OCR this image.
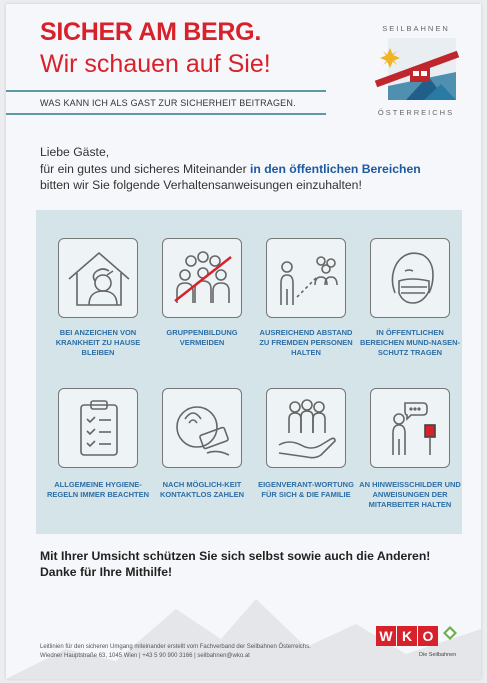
SICHER AM BERG.
Wir schauen auf Sie!
WAS KANN ICH ALS GAST ZUR SICHERHEIT BEITRAGEN.
SEILBAHNEN
ÖSTERREICHS
Liebe Gäste,
für ein gutes und sicheres Miteinander in den öffentlichen Bereichen
bitten wir Sie folgende Verhaltensanweisungen einzuhalten!
BEI ANZEICHEN VON KRANKHEIT ZU HAUSE BLEIBEN
GRUPPENBILDUNG VERMEIDEN
AUSREICHEND ABSTAND ZU FREMDEN PERSONEN HALTEN
IN ÖFFENTLICHEN BEREICHEN MUND-NASEN-SCHUTZ TRAGEN
ALLGEMEINE HYGIENE-REGELN IMMER BEACHTEN
NACH MÖGLICH-KEIT KONTAKTLOS ZAHLEN
EIGENVERANT-WORTUNG FÜR SICH & DIE FAMILIE
AN HINWEISSCHILDER UND ANWEISUNGEN DER MITARBEITER HALTEN
Mit Ihrer Umsicht schützen Sie sich selbst sowie auch die Anderen!
Danke für Ihre Mithilfe!
Leitlinien für den sicheren Umgang miteinander erstellt vom Fachverband der Seilbahnen Österreichs.
Wiedner Hauptstraße 63, 1045 Wien | +43 5 90 900 3166 | seilbahnen@wko.at
W K O
Die Seilbahnen
